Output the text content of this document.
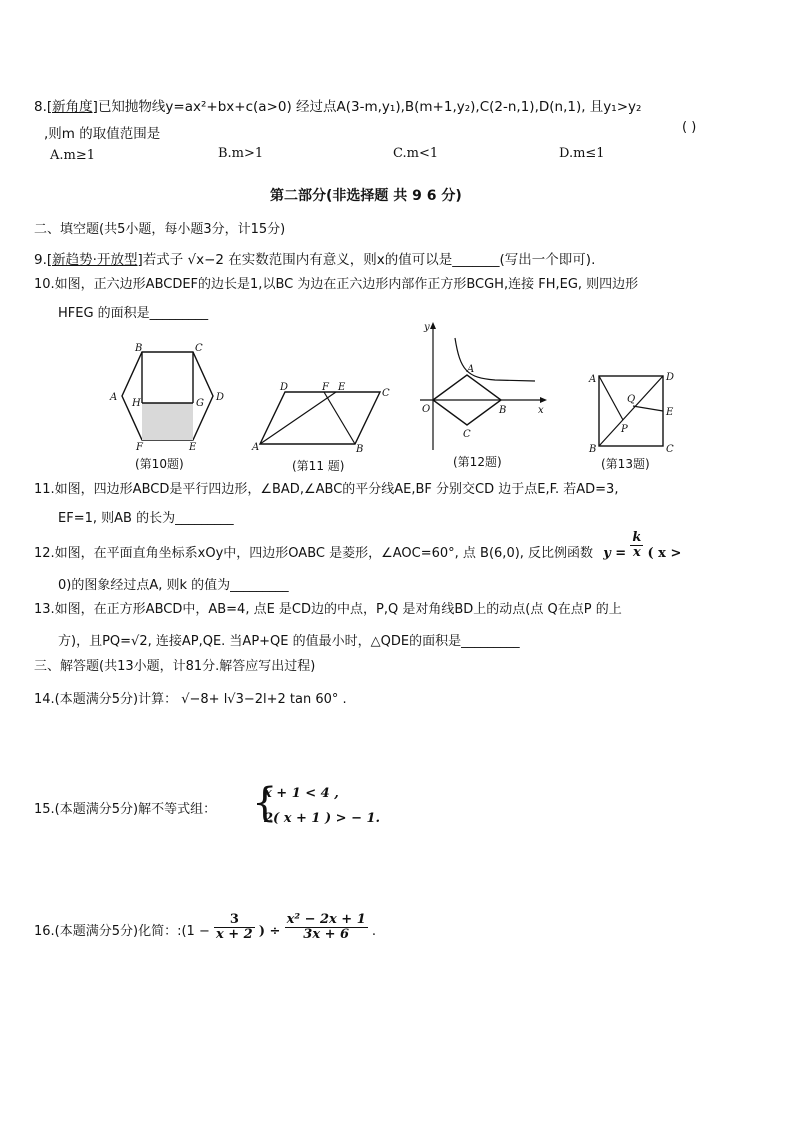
8.[新角度]已知抛物线y=ax²+bx+c(a>0) 经过点A(3-m,y₁),B(m+1,y₂),C(2-n,1),D(n,1), 且y₁>y₂
,则m 的取值范围是	( )
A.m≥1	B.m>1	C.m<1	D.m≤1
第二部分(非选择题 共 9 6 分)
二、填空题(共5小题，每小题3分，计15分)
9.[新趋势·开放型]若式子 √x−2 在实数范围内有意义，则x的值可以是_______(写出一个即可).
10.如图，正六边形ABCDEF的边长是1,以BC 为边在正六边形内部作正方形BCGH,连接 FH,EG, 则四边形
HFEG 的面积是_________
B	C
A
H	G
D
F	E
(第10题)
D	F E
C
A	B
(第11 题)
y
A
O	B	x
C
(第12题)
A	D
Q
E
P
B	C
(第13题)
11.如图，四边形ABCD是平行四边形，∠BAD,∠ABC的平分线AE,BF 分别交CD 边于点E,F. 若AD=3,
EF=1, 则AB 的长为_________
12.如图，在平面直角坐标系xOy中，四边形OABC 是菱形，∠AOC=60°, 点 B(6,0), 反比例函数 $y = \frac{k}{x}$ ( x >
0)的图象经过点A, 则k 的值为_________
13.如图，在正方形ABCD中，AB=4, 点E 是CD边的中点，P,Q 是对角线BD上的动点(点 Q在点P 的上
方)，且PQ=√2, 连接AP,QE. 当AP+QE 的值最小时，△QDE的面积是_________
三、解答题(共13小题，计81分.解答应写出过程)
14.(本题满分5分)计算： √−8+ l√3−2l+2 tan 60° .
15.(本题满分5分)解不等式组： {
x + 1 < 4 ,
2( x + 1 ) > − 1.
16.(本题满分5分)化简：:(1 − $\frac{3}{x + 2}$ ) ÷ $\frac{\text{x² − 2x + 1}}{3x + 6}$ .
